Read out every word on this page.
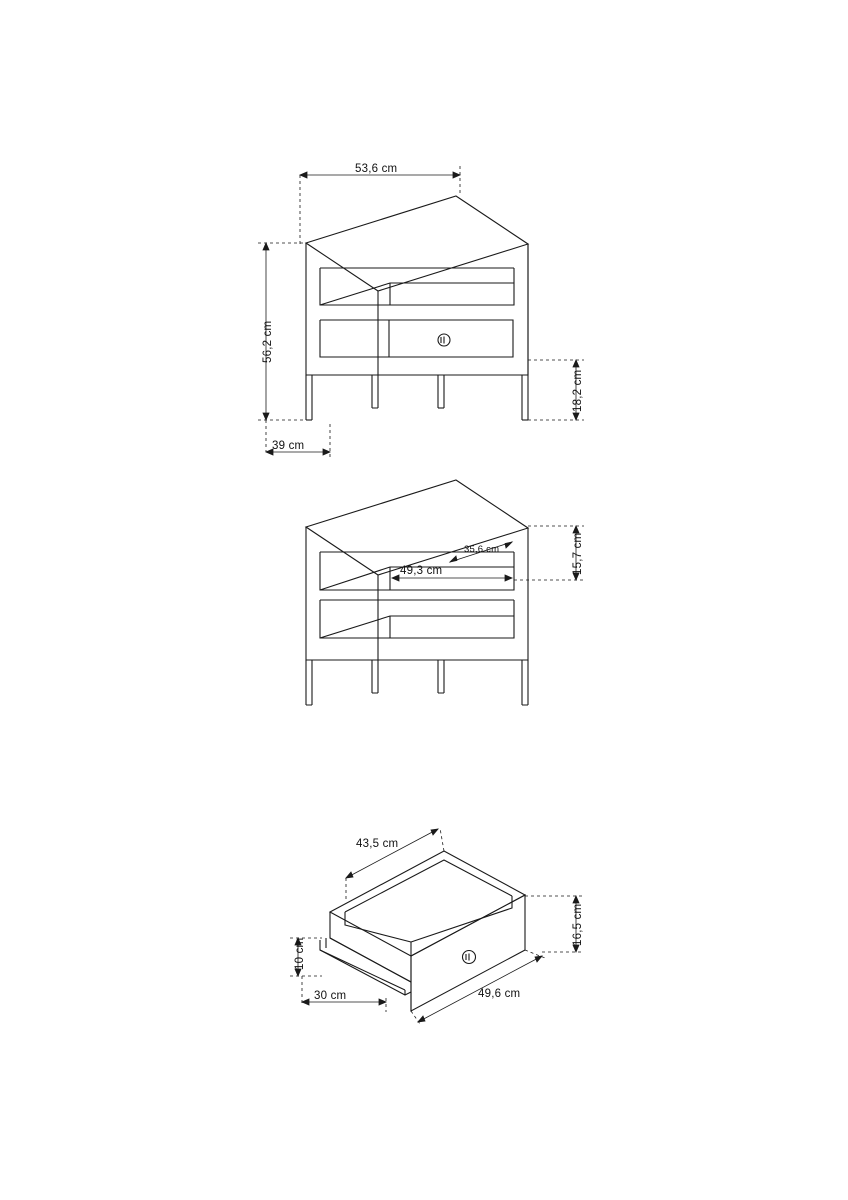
53,6 cm
56,2 cm
39 cm
18,2 cm
15,7 cm
35,6 cm
49,3 cm
43,5 cm
16,5 cm
10 cm
30 cm	49,6 cm
